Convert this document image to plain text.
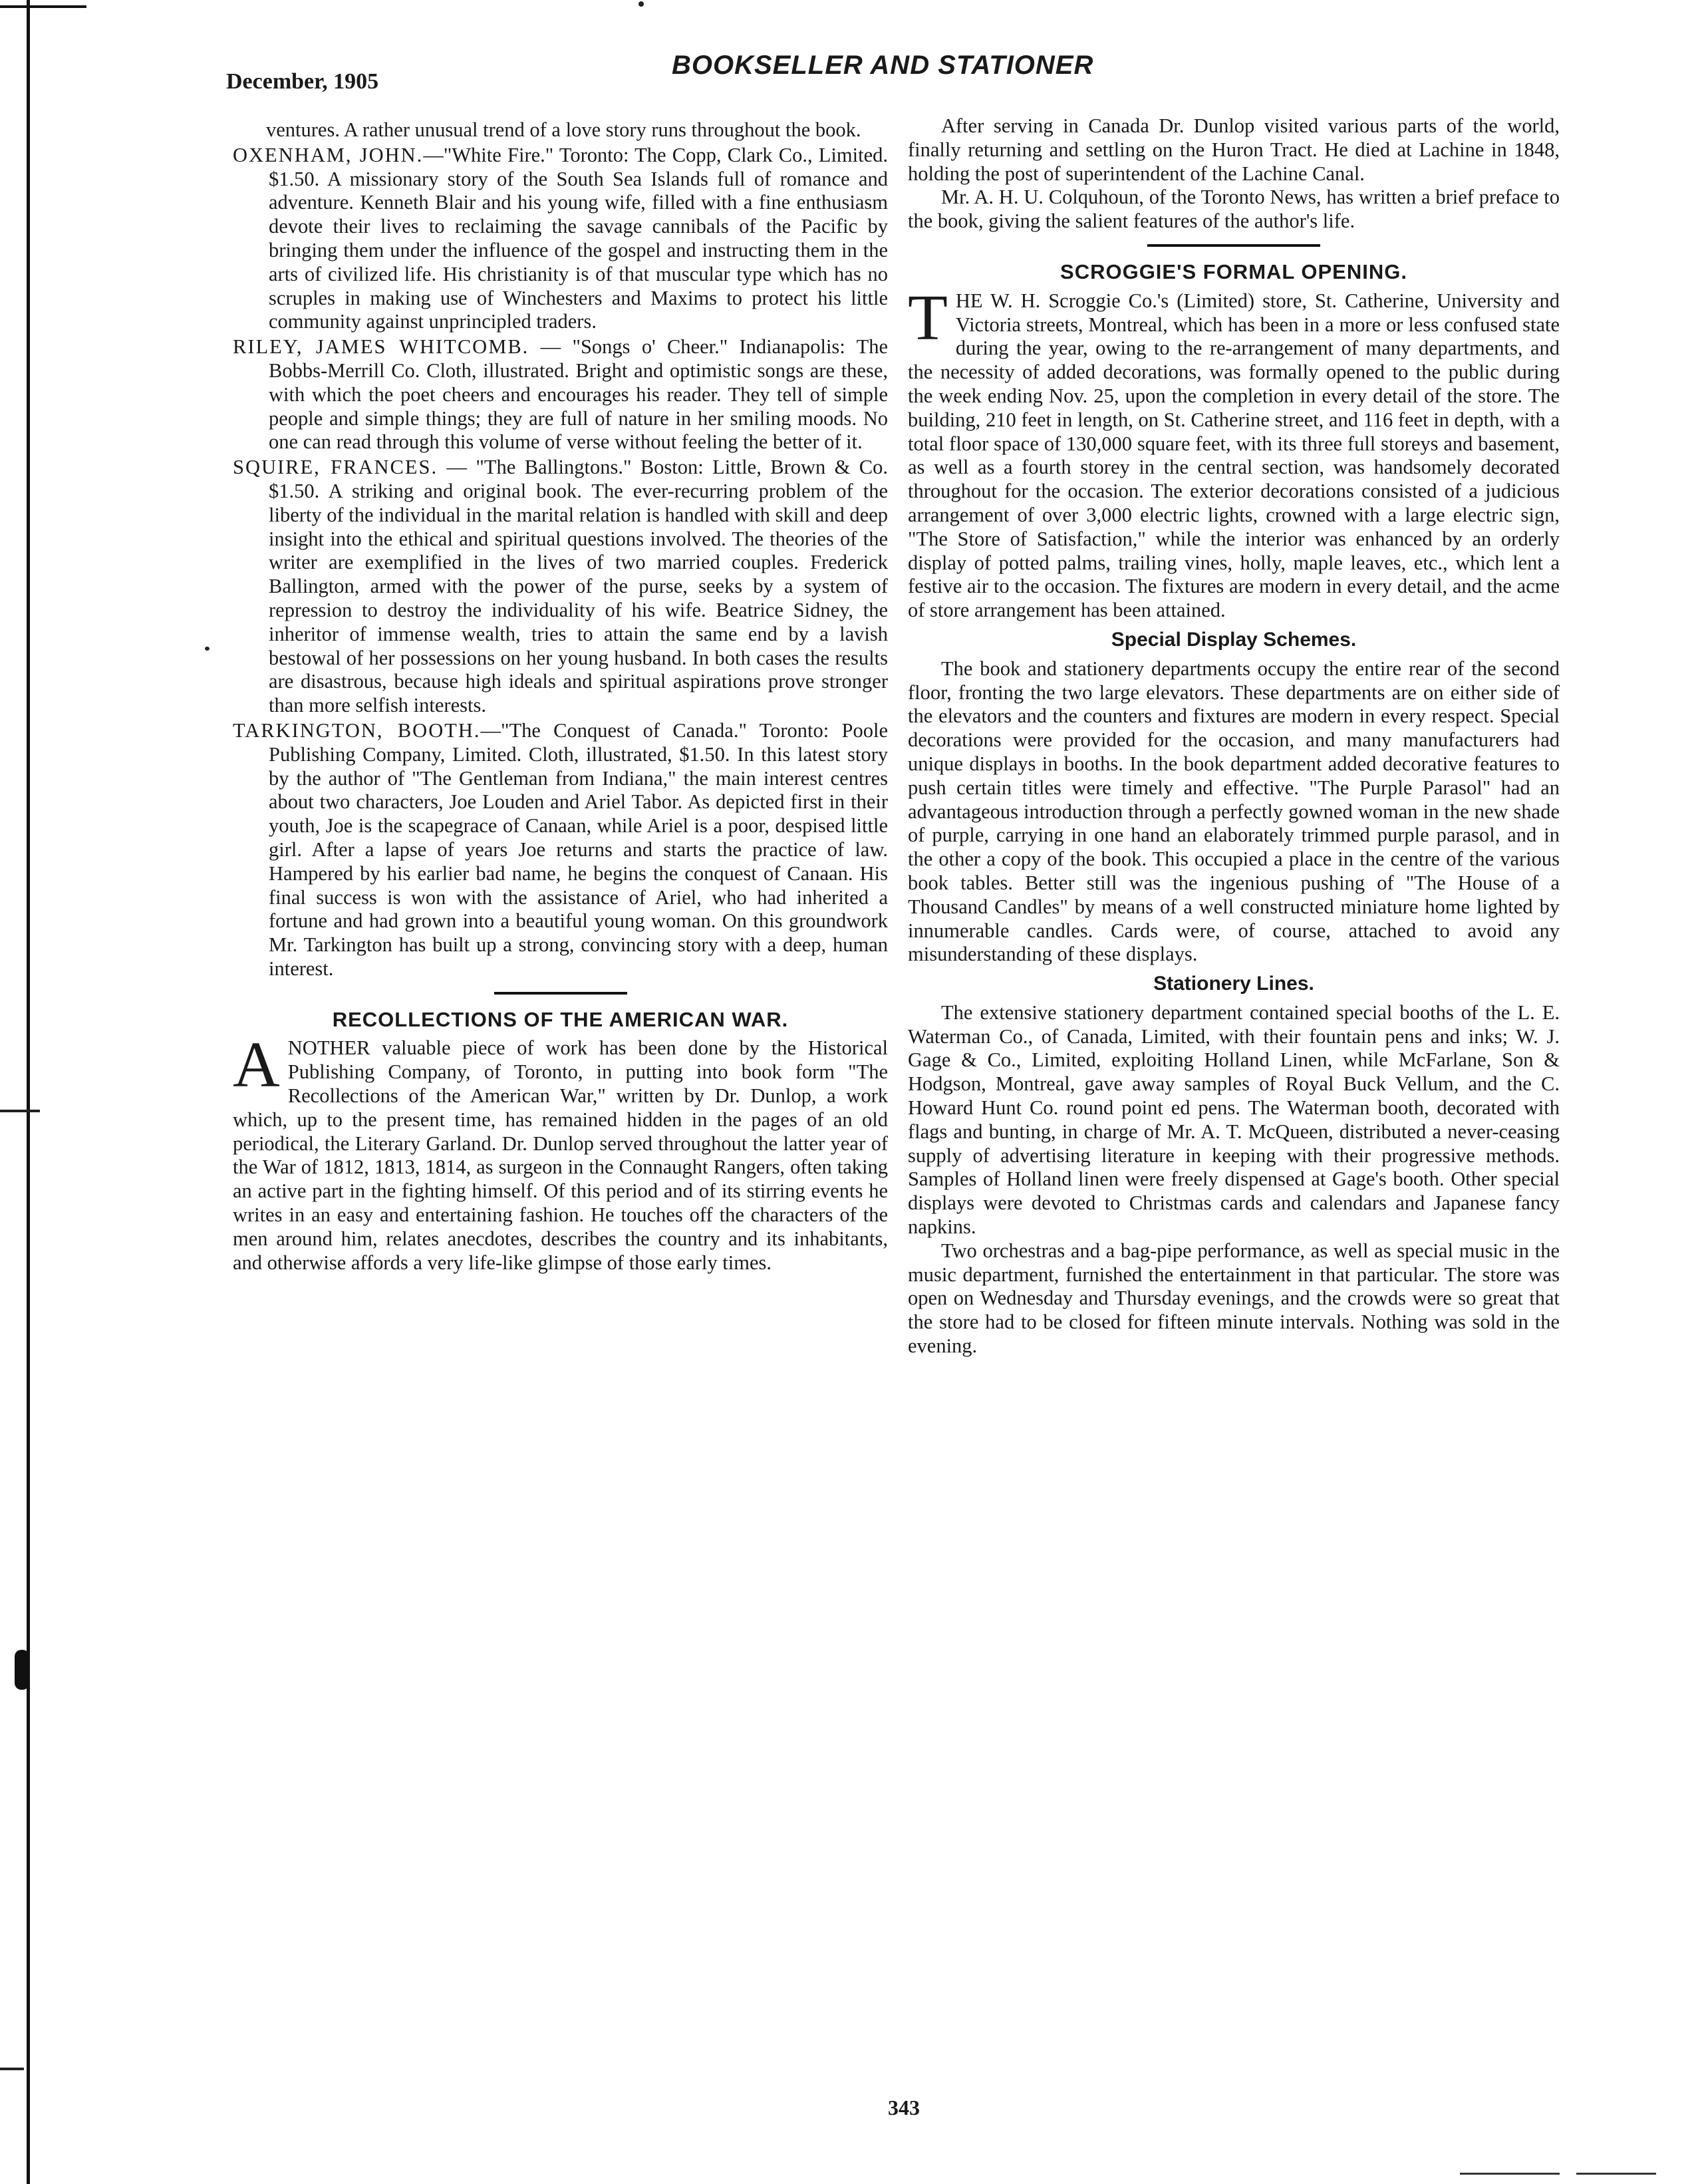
December, 1905
BOOKSELLER AND STATIONER

ventures. A rather unusual trend of a love story runs throughout the book.

OXENHAM, JOHN.—"White Fire." Toronto: The Copp, Clark Co., Limited. $1.50. A missionary story of the South Sea Islands full of romance and adventure. Kenneth Blair and his young wife, filled with a fine enthusiasm devote their lives to reclaiming the savage cannibals of the Pacific by bringing them under the influence of the gospel and instructing them in the arts of civilized life. His christianity is of that muscular type which has no scruples in making use of Winchesters and Maxims to protect his little community against unprincipled traders.

RILEY, JAMES WHITCOMB. — "Songs o' Cheer." Indianapolis: The Bobbs-Merrill Co. Cloth, illustrated. Bright and optimistic songs are these, with which the poet cheers and encourages his reader. They tell of simple people and simple things; they are full of nature in her smiling moods. No one can read through this volume of verse without feeling the better of it.

SQUIRE, FRANCES. — "The Ballingtons." Boston: Little, Brown & Co. $1.50. A striking and original book. The ever-recurring problem of the liberty of the individual in the marital relation is handled with skill and deep insight into the ethical and spiritual questions involved. The theories of the writer are exemplified in the lives of two married couples. Frederick Ballington, armed with the power of the purse, seeks by a system of repression to destroy the individuality of his wife. Beatrice Sidney, the inheritor of immense wealth, tries to attain the same end by a lavish bestowal of her possessions on her young husband. In both cases the results are disastrous, because high ideals and spiritual aspirations prove stronger than more selfish interests.

TARKINGTON, BOOTH.—"The Conquest of Canada." Toronto: Poole Publishing Company, Limited. Cloth, illustrated, $1.50. In this latest story by the author of "The Gentleman from Indiana," the main interest centres about two characters, Joe Louden and Ariel Tabor. As depicted first in their youth, Joe is the scapegrace of Canaan, while Ariel is a poor, despised little girl. After a lapse of years Joe returns and starts the practice of law. Hampered by his earlier bad name, he begins the conquest of Canaan. His final success is won with the assistance of Ariel, who had inherited a fortune and had grown into a beautiful young woman. On this groundwork Mr. Tarkington has built up a strong, convincing story with a deep, human interest.

RECOLLECTIONS OF THE AMERICAN WAR.

ANOTHER valuable piece of work has been done by the Historical Publishing Company, of Toronto, in putting into book form "The Recollections of the American War," written by Dr. Dunlop, a work which, up to the present time, has remained hidden in the pages of an old periodical, the Literary Garland. Dr. Dunlop served throughout the latter year of the War of 1812, 1813, 1814, as surgeon in the Connaught Rangers, often taking an active part in the fighting himself. Of this period and of its stirring events he writes in an easy and entertaining fashion. He touches off the characters of the men around him, relates anecdotes, describes the country and its inhabitants, and otherwise affords a very life-like glimpse of those early times.

After serving in Canada Dr. Dunlop visited various parts of the world, finally returning and settling on the Huron Tract. He died at Lachine in 1848, holding the post of superintendent of the Lachine Canal.

Mr. A. H. U. Colquhoun, of the Toronto News, has written a brief preface to the book, giving the salient features of the author's life.

SCROGGIE'S FORMAL OPENING.

THE W. H. Scroggie Co.'s (Limited) store, St. Catherine, University and Victoria streets, Montreal, which has been in a more or less confused state during the year, owing to the re-arrangement of many departments, and the necessity of added decorations, was formally opened to the public during the week ending Nov. 25, upon the completion in every detail of the store. The building, 210 feet in length, on St. Catherine street, and 116 feet in depth, with a total floor space of 130,000 square feet, with its three full storeys and basement, as well as a fourth storey in the central section, was handsomely decorated throughout for the occasion. The exterior decorations consisted of a judicious arrangement of over 3,000 electric lights, crowned with a large electric sign, "The Store of Satisfaction," while the interior was enhanced by an orderly display of potted palms, trailing vines, holly, maple leaves, etc., which lent a festive air to the occasion. The fixtures are modern in every detail, and the acme of store arrangement has been attained.

Special Display Schemes.

The book and stationery departments occupy the entire rear of the second floor, fronting the two large elevators. These departments are on either side of the elevators and the counters and fixtures are modern in every respect. Special decorations were provided for the occasion, and many manufacturers had unique displays in booths. In the book department added decorative features to push certain titles were timely and effective. "The Purple Parasol" had an advantageous introduction through a perfectly gowned woman in the new shade of purple, carrying in one hand an elaborately trimmed purple parasol, and in the other a copy of the book. This occupied a place in the centre of the various book tables. Better still was the ingenious pushing of "The House of a Thousand Candles" by means of a well constructed miniature home lighted by innumerable candles. Cards were, of course, attached to avoid any misunderstanding of these displays.

Stationery Lines.

The extensive stationery department contained special booths of the L. E. Waterman Co., of Canada, Limited, with their fountain pens and inks; W. J. Gage & Co., Limited, exploiting Holland Linen, while McFarlane, Son & Hodgson, Montreal, gave away samples of Royal Buck Vellum, and the C. Howard Hunt Co. round point ed pens. The Waterman booth, decorated with flags and bunting, in charge of Mr. A. T. McQueen, distributed a never-ceasing supply of advertising literature in keeping with their progressive methods. Samples of Holland linen were freely dispensed at Gage's booth. Other special displays were devoted to Christmas cards and calendars and Japanese fancy napkins.

Two orchestras and a bag-pipe performance, as well as special music in the music department, furnished the entertainment in that particular. The store was open on Wednesday and Thursday evenings, and the crowds were so great that the store had to be closed for fifteen minute intervals. Nothing was sold in the evening.

343
